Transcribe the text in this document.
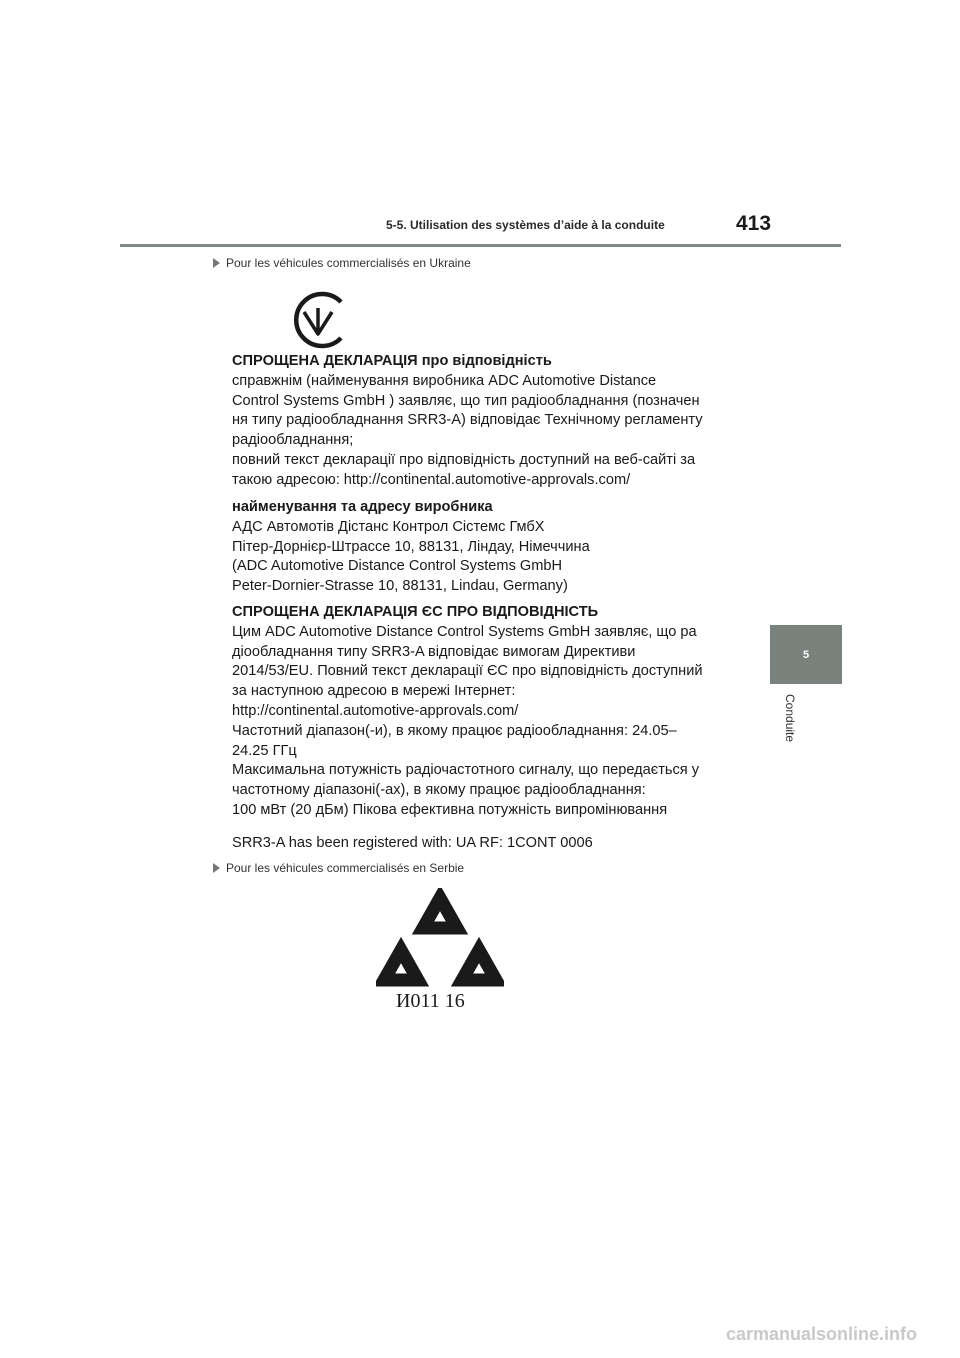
5-5. Utilisation des systèmes d’aide à la conduite	413
Pour les véhicules commercialisés en Ukraine
СПРОЩЕНА ДЕКЛАРАЦІЯ про відповідність
справжнім (найменування виробника ADC Automotive Distance
Control Systems GmbH ) заявляє, що тип радіообладнання (позначен
ня типу радіообладнання SRR3-A) відповідає Технічному регламенту
радіообладнання;
повний текст декларації про відповідність доступний на веб-сайті за
такою адресою: http://continental.automotive-approvals.com/
найменування та адресу виробника
АДС Автомотів Дістанс Контрол Сістемс ГмбХ
Пітер-Дорнієр-Штрассе 10, 88131, Ліндау, Німеччина
(ADC Automotive Distance Control Systems GmbH
Peter-Dornier-Strasse 10, 88131, Lindau, Germany)
СПРОЩЕНА ДЕКЛАРАЦІЯ ЄС ПРО ВІДПОВІДНІСТЬ
Цим ADC Automotive Distance Control Systems GmbH заявляє, що ра
діообладнання типу SRR3-A відповідає вимогам Директиви
2014/53/EU. Повний текст декларації ЄС про відповідність доступний
за наступною адресою в мережі Інтернет:
http://continental.automotive-approvals.com/
Частотний діапазон(-и), в якому працює радіообладнання: 24.05–
24.25 ГГц
Максимальна потужність радіочастотного сигналу, що передається у
частотному діапазоні(-ах), в якому працює радіообладнання:
100 мВт (20 дБм) Пікова ефективна потужність випромінювання
SRR3-A has been registered with: UA RF: 1CONT 0006
Pour les véhicules commercialisés en Serbie
И011 16
5
Conduite
carmanualsonline.info
